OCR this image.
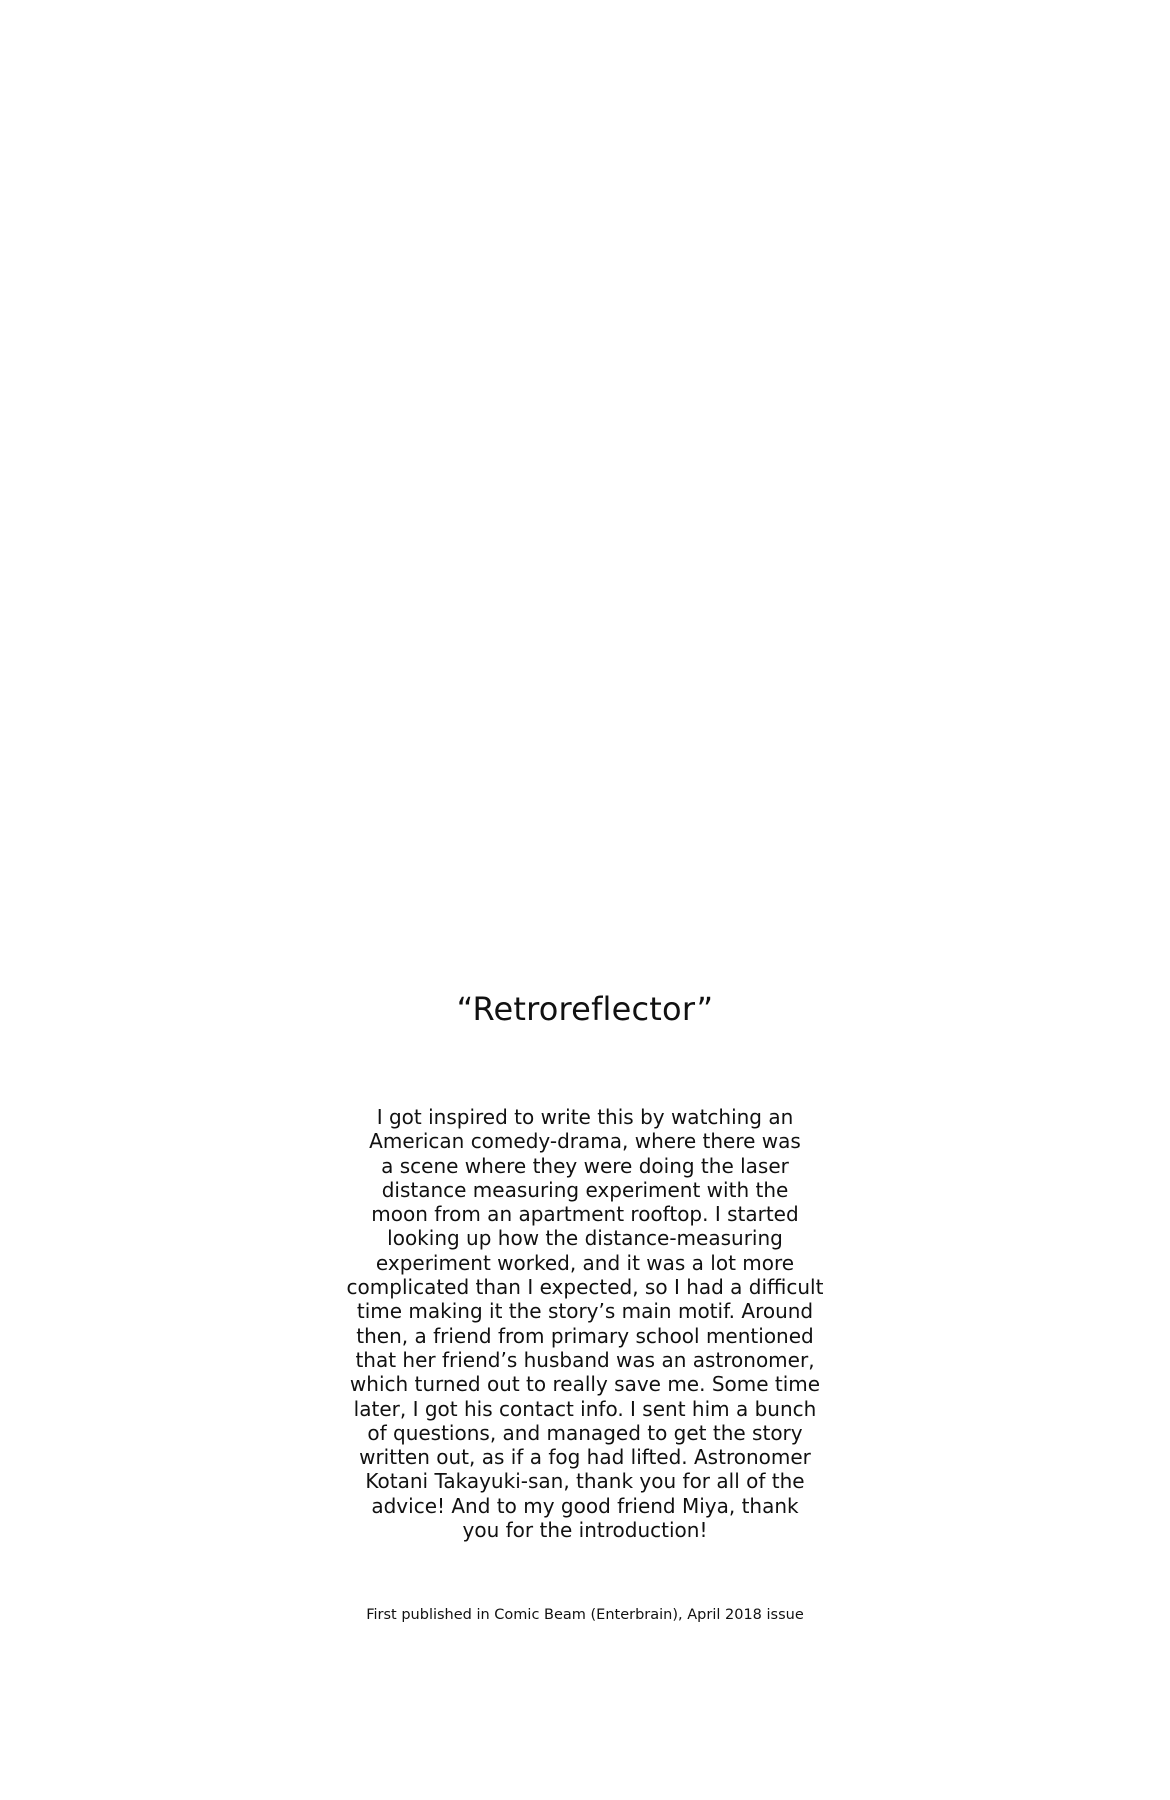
“Retroreflector”

I got inspired to write this by watching an
American comedy-drama, where there was
a scene where they were doing the laser
distance measuring experiment with the
moon from an apartment rooftop. I started
looking up how the distance-measuring
experiment worked, and it was a lot more
complicated than I expected, so I had a difficult
time making it the story’s main motif. Around
then, a friend from primary school mentioned
that her friend’s husband was an astronomer,
which turned out to really save me. Some time
later, I got his contact info. I sent him a bunch
of questions, and managed to get the story
written out, as if a fog had lifted. Astronomer
Kotani Takayuki-san, thank you for all of the
advice! And to my good friend Miya, thank
you for the introduction!

First published in Comic Beam (Enterbrain), April 2018 issue
